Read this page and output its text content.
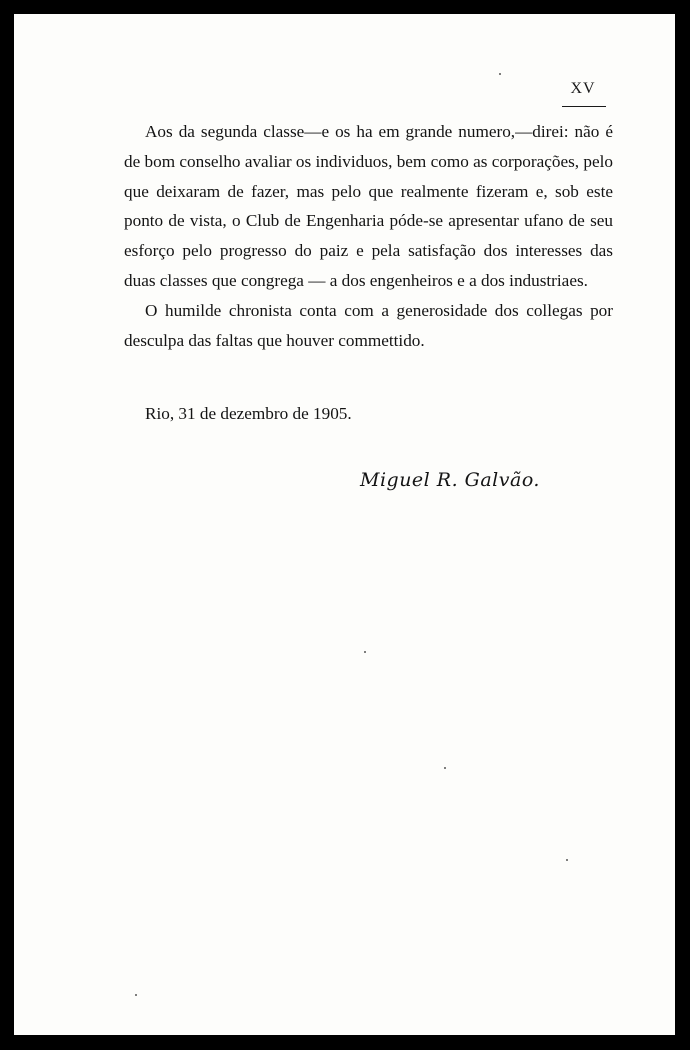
XV

Aos da segunda classe—e os ha em grande numero,—direi: não é de bom conselho avaliar os individuos, bem como as corporações, pelo que deixaram de fazer, mas pelo que realmente fizeram e, sob este ponto de vista, o Club de Engenharia póde-se apresentar ufano de seu esforço pelo progresso do paiz e pela satisfação dos interesses das duas classes que congrega — a dos engenheiros e a dos industriaes.

O humilde chronista conta com a generosidade dos collegas por desculpa das faltas que houver commettido.

Rio, 31 de dezembro de 1905.

Miguel R. Galvão.
